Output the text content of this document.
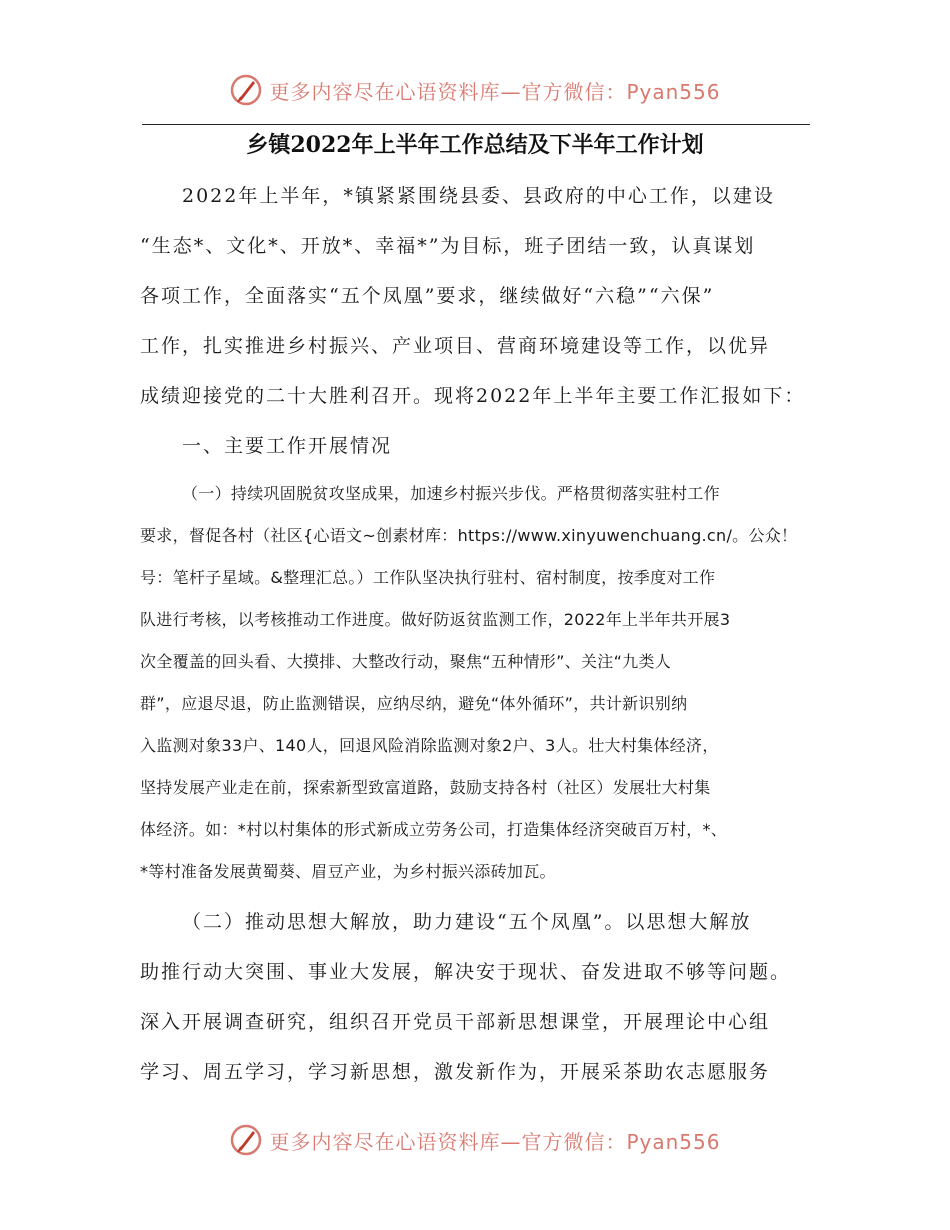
更多内容尽在心语资料库—官方微信：Pyan556
乡镇2022年上半年工作总结及下半年工作计划
2022年上半年，*镇紧紧围绕县委、县政府的中心工作，以建设
“生态*、文化*、开放*、幸福*”为目标，班子团结一致，认真谋划
各项工作，全面落实“五个凤凰”要求，继续做好“六稳”“六保”
工作，扎实推进乡村振兴、产业项目、营商环境建设等工作，以优异
成绩迎接党的二十大胜利召开。现将2022年上半年主要工作汇报如下：
一、主要工作开展情况
（一）持续巩固脱贫攻坚成果，加速乡村振兴步伐。严格贯彻落实驻村工作
要求，督促各村（社区{心语文~创素材库：https://www.xinyuwenchuang.cn/。公众！
号：笔杆子星域。&整理汇总。）工作队坚决执行驻村、宿村制度，按季度对工作
队进行考核，以考核推动工作进度。做好防返贫监测工作，2022年上半年共开展3
次全覆盖的回头看、大摸排、大整改行动，聚焦“五种情形”、关注“九类人
群”，应退尽退，防止监测错误，应纳尽纳，避免“体外循环”，共计新识别纳
入监测对象33户、140人，回退风险消除监测对象2户、3人。壮大村集体经济，
坚持发展产业走在前，探索新型致富道路，鼓励支持各村（社区）发展壮大村集
体经济。如：*村以村集体的形式新成立劳务公司，打造集体经济突破百万村，*、
*等村准备发展黄蜀葵、眉豆产业，为乡村振兴添砖加瓦。
（二）推动思想大解放，助力建设“五个凤凰”。以思想大解放
助推行动大突围、事业大发展，解决安于现状、奋发进取不够等问题。
深入开展调查研究，组织召开党员干部新思想课堂，开展理论中心组
学习、周五学习，学习新思想，激发新作为，开展采茶助农志愿服务
更多内容尽在心语资料库—官方微信：Pyan556
